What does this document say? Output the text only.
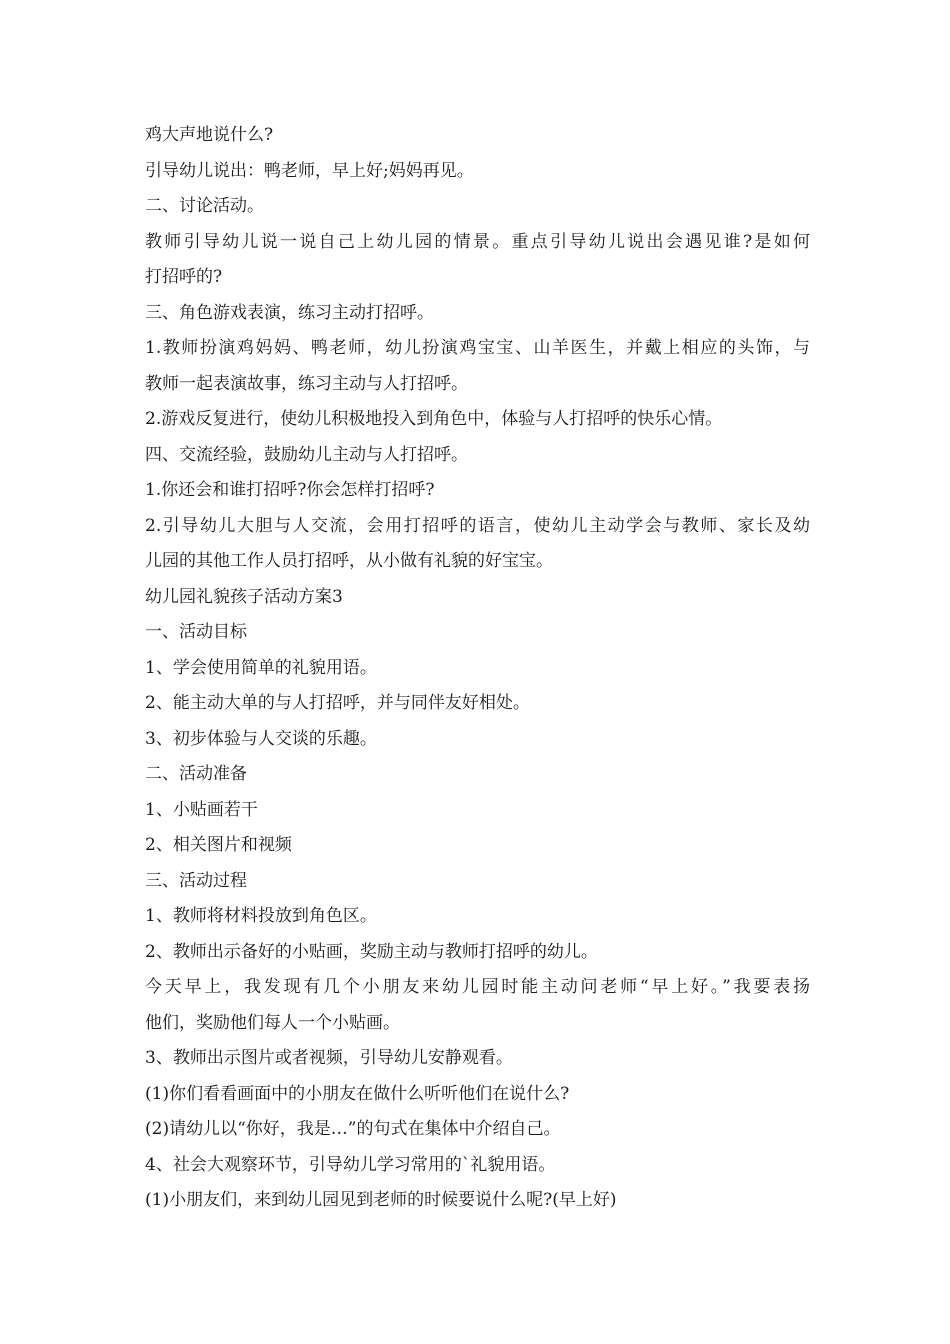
鸡大声地说什么?
引导幼儿说出：鸭老师，早上好;妈妈再见。
二、讨论活动。
教师引导幼儿说一说自己上幼儿园的情景。重点引导幼儿说出会遇见谁?是如何
打招呼的?
三、角色游戏表演，练习主动打招呼。
1.教师扮演鸡妈妈、鸭老师，幼儿扮演鸡宝宝、山羊医生，并戴上相应的头饰，与
教师一起表演故事，练习主动与人打招呼。
2.游戏反复进行，使幼儿积极地投入到角色中，体验与人打招呼的快乐心情。
四、交流经验，鼓励幼儿主动与人打招呼。
1.你还会和谁打招呼?你会怎样打招呼?
2.引导幼儿大胆与人交流，会用打招呼的语言，使幼儿主动学会与教师、家长及幼
儿园的其他工作人员打招呼，从小做有礼貌的好宝宝。
幼儿园礼貌孩子活动方案3
一、活动目标
1、学会使用简单的礼貌用语。
2、能主动大单的与人打招呼，并与同伴友好相处。
3、初步体验与人交谈的乐趣。
二、活动准备
1、小贴画若干
2、相关图片和视频
三、活动过程
1、教师将材料投放到角色区。
2、教师出示备好的小贴画，奖励主动与教师打招呼的幼儿。
今天早上，我发现有几个小朋友来幼儿园时能主动问老师“早上好。”我要表扬
他们，奖励他们每人一个小贴画。
3、教师出示图片或者视频，引导幼儿安静观看。
(1)你们看看画面中的小朋友在做什么听听他们在说什么?
(2)请幼儿以“你好，我是…”的句式在集体中介绍自己。
4、社会大观察环节，引导幼儿学习常用的`礼貌用语。
(1)小朋友们，来到幼儿园见到老师的时候要说什么呢?(早上好)
